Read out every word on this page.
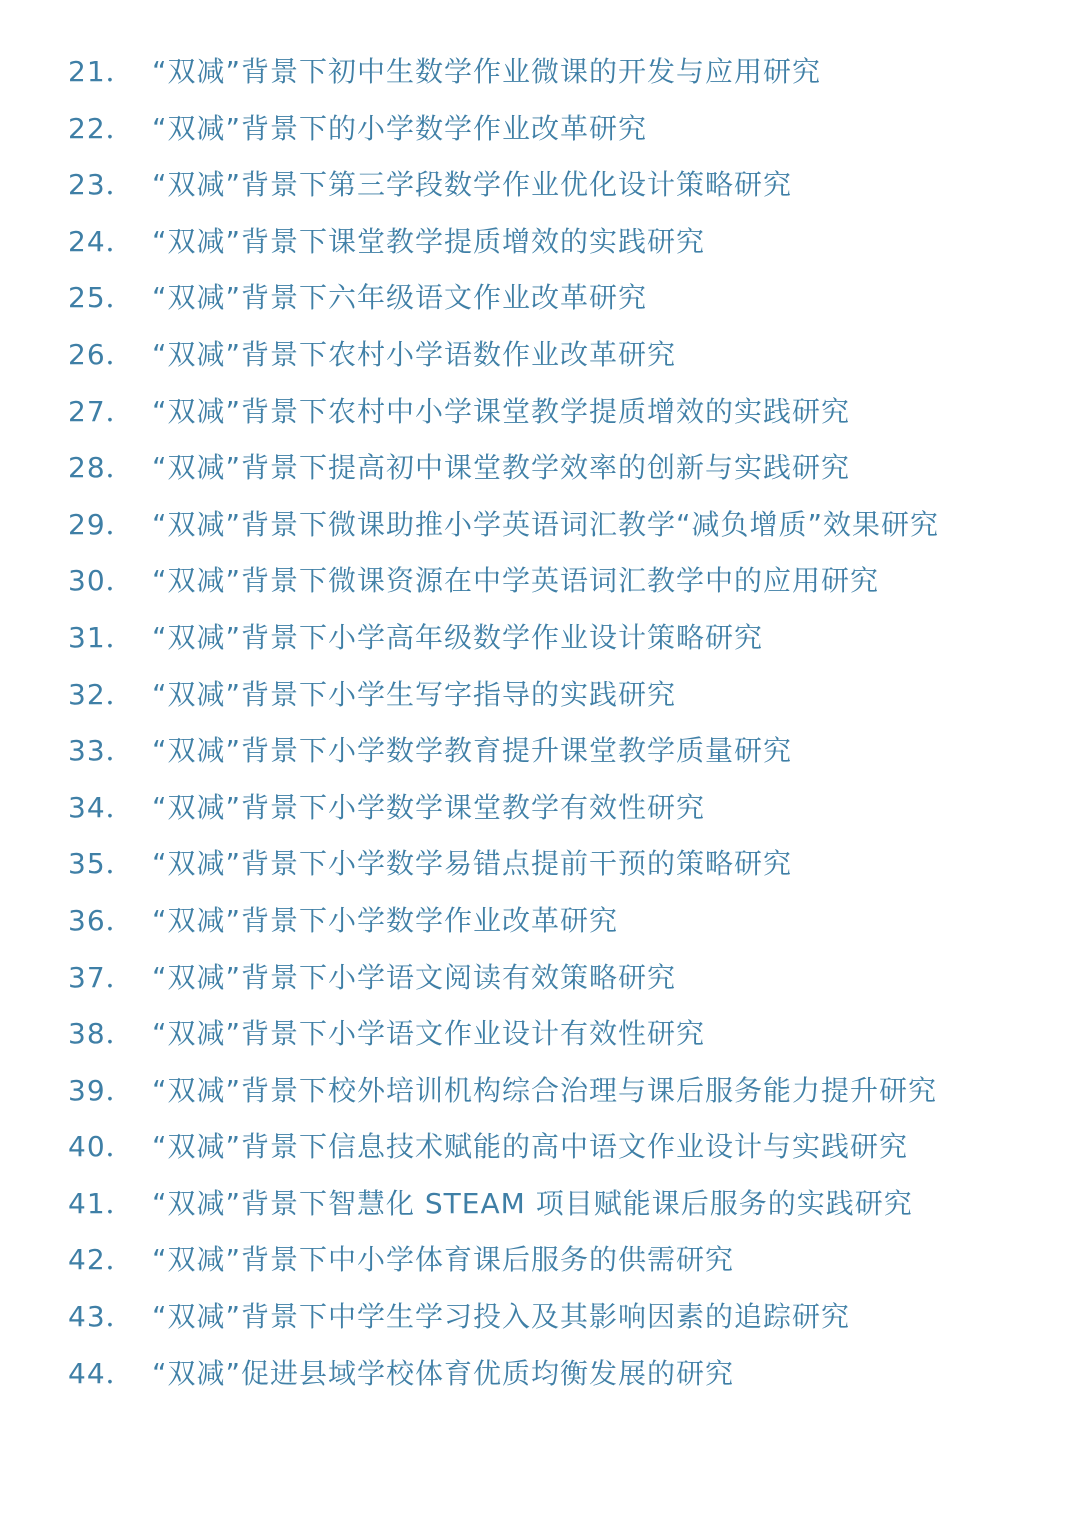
21． “双减”背景下初中生数学作业微课的开发与应用研究
22． “双减”背景下的小学数学作业改革研究
23． “双减”背景下第三学段数学作业优化设计策略研究
24． “双减”背景下课堂教学提质增效的实践研究
25． “双减”背景下六年级语文作业改革研究
26． “双减”背景下农村小学语数作业改革研究
27． “双减”背景下农村中小学课堂教学提质增效的实践研究
28． “双减”背景下提高初中课堂教学效率的创新与实践研究
29． “双减”背景下微课助推小学英语词汇教学“减负增质”效果研究
30． “双减”背景下微课资源在中学英语词汇教学中的应用研究
31． “双减”背景下小学高年级数学作业设计策略研究
32． “双减”背景下小学生写字指导的实践研究
33． “双减”背景下小学数学教育提升课堂教学质量研究
34． “双减”背景下小学数学课堂教学有效性研究
35． “双减”背景下小学数学易错点提前干预的策略研究
36． “双减”背景下小学数学作业改革研究
37． “双减”背景下小学语文阅读有效策略研究
38． “双减”背景下小学语文作业设计有效性研究
39． “双减”背景下校外培训机构综合治理与课后服务能力提升研究
40． “双减”背景下信息技术赋能的高中语文作业设计与实践研究
41． “双减”背景下智慧化 STEAM 项目赋能课后服务的实践研究
42． “双减”背景下中小学体育课后服务的供需研究
43． “双减”背景下中学生学习投入及其影响因素的追踪研究
44． “双减”促进县域学校体育优质均衡发展的研究
